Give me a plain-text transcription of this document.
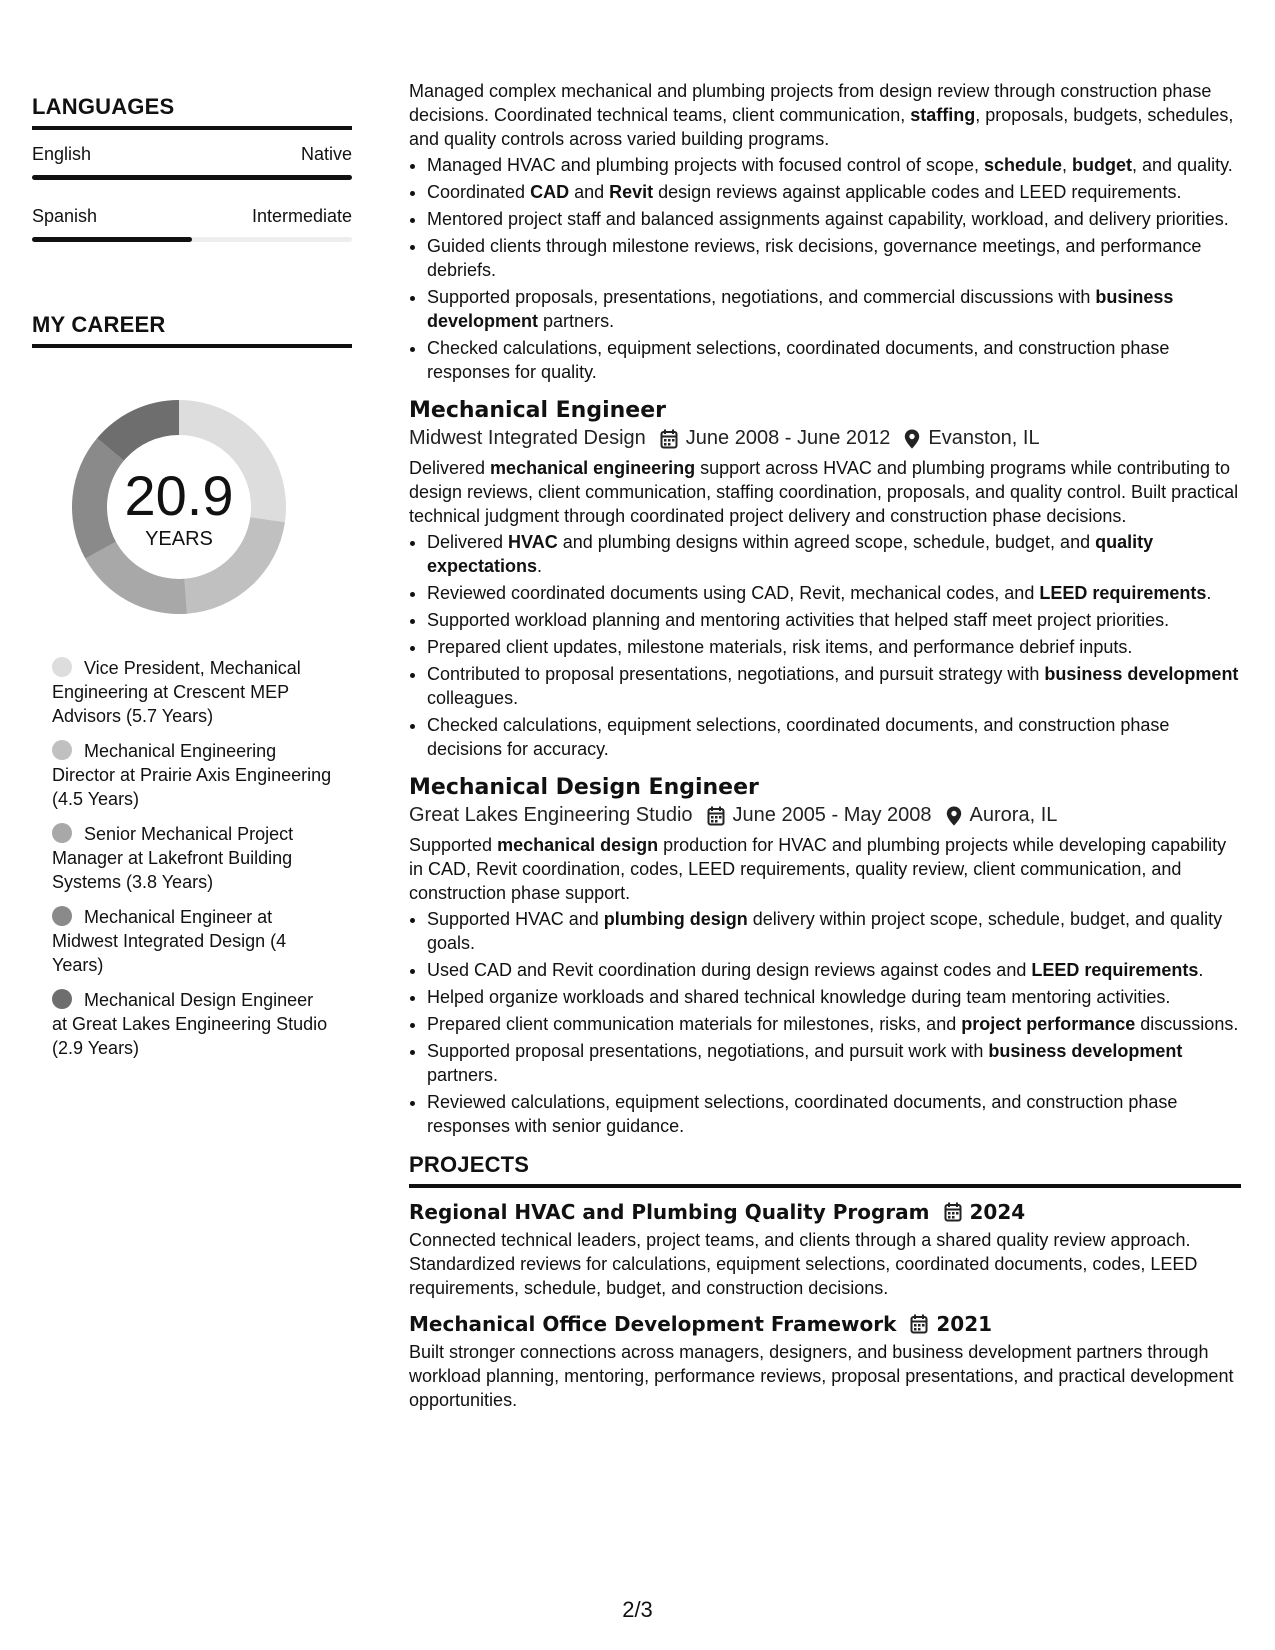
LANGUAGES
English	Native
Spanish	Intermediate
MY CAREER
20.9
YEARS
Vice President, Mechanical Engineering at Crescent MEP Advisors (5.7 Years)
Mechanical Engineering Director at Prairie Axis Engineering (4.5 Years)
Senior Mechanical Project Manager at Lakefront Building Systems (3.8 Years)
Mechanical Engineer at Midwest Integrated Design (4 Years)
Mechanical Design Engineer at Great Lakes Engineering Studio (2.9 Years)

Managed complex mechanical and plumbing projects from design review through construction phase decisions. Coordinated technical teams, client communication, staffing, proposals, budgets, schedules, and quality controls across varied building programs.

• Managed HVAC and plumbing projects with focused control of scope, schedule, budget, and quality.
• Coordinated CAD and Revit design reviews against applicable codes and LEED requirements.
• Mentored project staff and balanced assignments against capability, workload, and delivery priorities.
• Guided clients through milestone reviews, risk decisions, governance meetings, and performance debriefs.
• Supported proposals, presentations, negotiations, and commercial discussions with business development partners.
• Checked calculations, equipment selections, coordinated documents, and construction phase responses for quality.
Mechanical Engineer
Midwest Integrated Design June 2008 - June 2012 Evanston, IL

Delivered mechanical engineering support across HVAC and plumbing programs while contributing to design reviews, client communication, staffing coordination, proposals, and quality control. Built practical technical judgment through coordinated project delivery and construction phase decisions.

• Delivered HVAC and plumbing designs within agreed scope, schedule, budget, and quality expectations.
• Reviewed coordinated documents using CAD, Revit, mechanical codes, and LEED requirements.
• Supported workload planning and mentoring activities that helped staff meet project priorities.
• Prepared client updates, milestone materials, risk items, and performance debrief inputs.
• Contributed to proposal presentations, negotiations, and pursuit strategy with business development colleagues.
• Checked calculations, equipment selections, coordinated documents, and construction phase decisions for accuracy.
Mechanical Design Engineer
Great Lakes Engineering Studio June 2005 - May 2008 Aurora, IL

Supported mechanical design production for HVAC and plumbing projects while developing capability in CAD, Revit coordination, codes, LEED requirements, quality review, client communication, and construction phase support.

• Supported HVAC and plumbing design delivery within project scope, schedule, budget, and quality goals.
• Used CAD and Revit coordination during design reviews against codes and LEED requirements.
• Helped organize workloads and shared technical knowledge during team mentoring activities.
• Prepared client communication materials for milestones, risks, and project performance discussions.
• Supported proposal presentations, negotiations, and pursuit work with business development partners.
• Reviewed calculations, equipment selections, coordinated documents, and construction phase responses with senior guidance.
PROJECTS
Regional HVAC and Plumbing Quality Program 2024

Connected technical leaders, project teams, and clients through a shared quality review approach. Standardized reviews for calculations, equipment selections, coordinated documents, codes, LEED requirements, schedule, budget, and construction decisions.

Mechanical Office Development Framework 2021

Built stronger connections across managers, designers, and business development partners through workload planning, mentoring, performance reviews, proposal presentations, and practical development opportunities.

2/3
